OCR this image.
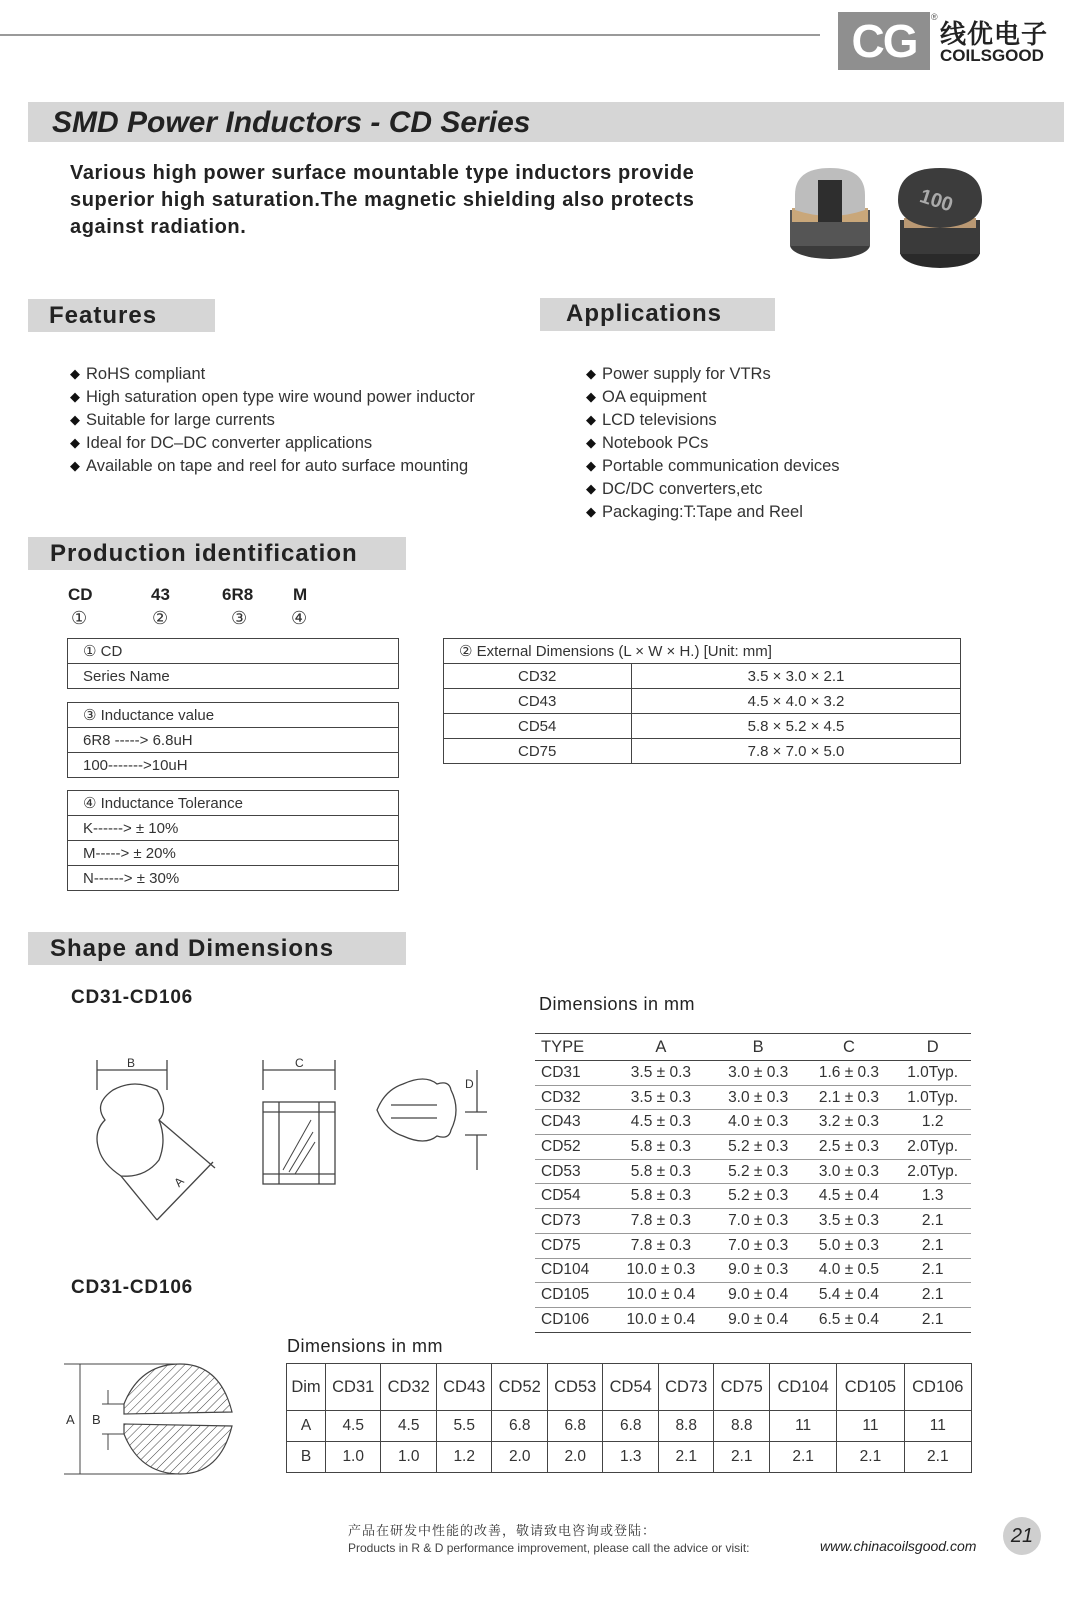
CG	®
线优电子
COILSGOOD
SMD Power Inductors - CD Series
Various high power surface mountable type inductors provide superior high saturation.The magnetic shielding also protects against radiation.
100
Features
◆ RoHS compliant
◆ High saturation open type wire wound power inductor
◆ Suitable for large currents
◆ Ideal for DC–DC converter applications
◆ Available on tape and reel for auto surface mounting
Applications
◆ Power supply for VTRs
◆ OA equipment
◆ LCD televisions
◆ Notebook PCs
◆ Portable communication devices
◆ DC/DC converters,etc
◆ Packaging:T:Tape and Reel
Production identification
CD	43	6R8 M
①	②	③ ④
① CD
Series Name
③ Inductance value
6R8 -----> 6.8uH
100------->10uH
④ Inductance Tolerance
K------> ± 10%
M-----> ± 20%
N------> ± 30%
② External Dimensions (L × W × H.) [Unit: mm]	
CD32	3.5 × 3.0 × 2.1
CD43	4.5 × 4.0 × 3.2
CD54	5.8 × 5.2 × 4.5
CD75	7.8 × 7.0 × 5.0
Shape and Dimensions
CD31-CD106
B	C
A
D
Dimensions in mm
TYPE	A	B	C	D
CD31	3.5 ± 0.3	3.0 ± 0.3	1.6 ± 0.3	1.0Typ.
CD32	3.5 ± 0.3	3.0 ± 0.3	2.1 ± 0.3	1.0Typ.
CD43	4.5 ± 0.3	4.0 ± 0.3	3.2 ± 0.3	1.2
CD52	5.8 ± 0.3	5.2 ± 0.3	2.5 ± 0.3	2.0Typ.
CD53	5.8 ± 0.3	5.2 ± 0.3	3.0 ± 0.3	2.0Typ.
CD54	5.8 ± 0.3	5.2 ± 0.3	4.5 ± 0.4	1.3
CD73	7.8 ± 0.3	7.0 ± 0.3	3.5 ± 0.3	2.1
CD75	7.8 ± 0.3	7.0 ± 0.3	5.0 ± 0.3	2.1
CD104	10.0 ± 0.3	9.0 ± 0.3	4.0 ± 0.5	2.1
CD105	10.0 ± 0.4	9.0 ± 0.4	5.4 ± 0.4	2.1
CD106	10.0 ± 0.4	9.0 ± 0.4	6.5 ± 0.4	2.1
CD31-CD106
A B
Dimensions in mm
Dim	CD31	CD32	CD43	CD52	CD53	CD54	CD73	CD75	CD104	CD105	CD106
A	4.5	4.5	5.5	6.8	6.8	6.8	8.8	8.8	11	11	11
B	1.0	1.0	1.2	2.0	2.0	1.3	2.1	2.1	2.1	2.1	2.1
产品在研发中性能的改善，敬请致电咨询或登陆：
Products in R & D performance improvement, please call the advice or visit:	www.chinacoilsgood.com	21
